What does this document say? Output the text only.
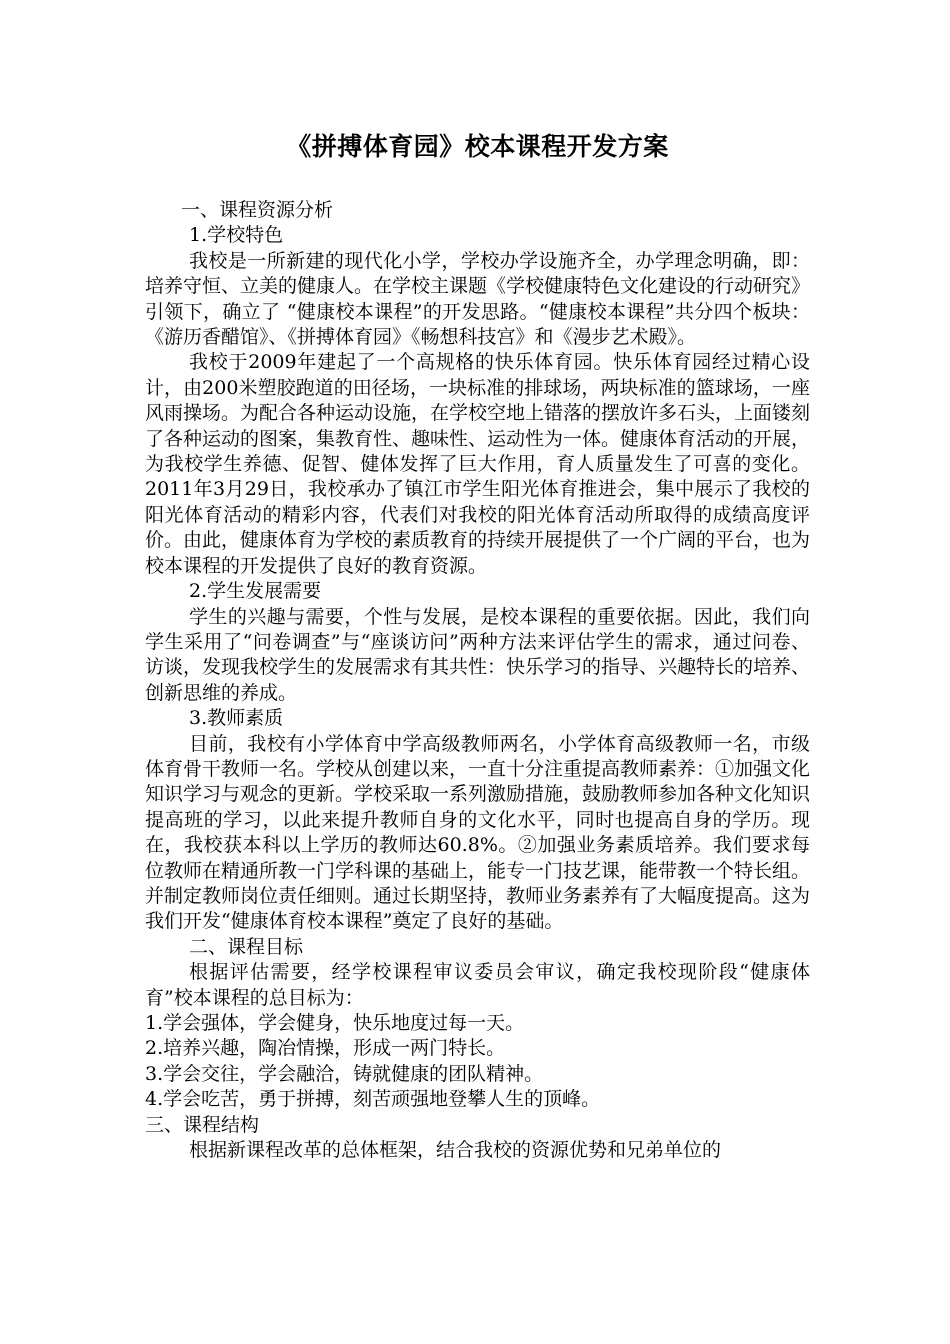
《拼搏体育园》校本课程开发方案

一、课程资源分析

1.学校特色

我校是一所新建的现代化小学，学校办学设施齐全，办学理念明确，即：培养守恒、立美的健康人。在学校主课题《学校健康特色文化建设的行动研究》引领下，确立了 “健康校本课程”的开发思路。“健康校本课程”共分四个板块：《游历香醋馆》、《拼搏体育园》《畅想科技宫》和《漫步艺术殿》。

我校于2009年建起了一个高规格的快乐体育园。快乐体育园经过精心设计，由200米塑胶跑道的田径场，一块标准的排球场，两块标准的篮球场，一座风雨操场。为配合各种运动设施，在学校空地上错落的摆放许多石头，上面镂刻了各种运动的图案，集教育性、趣味性、运动性为一体。健康体育活动的开展，为我校学生养德、促智、健体发挥了巨大作用，育人质量发生了可喜的变化。2011年3月29日，我校承办了镇江市学生阳光体育推进会，集中展示了我校的阳光体育活动的精彩内容，代表们对我校的阳光体育活动所取得的成绩高度评价。由此，健康体育为学校的素质教育的持续开展提供了一个广阔的平台，也为校本课程的开发提供了良好的教育资源。

2.学生发展需要

学生的兴趣与需要，个性与发展，是校本课程的重要依据。因此，我们向学生采用了“问卷调查”与“座谈访问”两种方法来评估学生的需求，通过问卷、访谈，发现我校学生的发展需求有其共性：快乐学习的指导、兴趣特长的培养、创新思维的养成。

3.教师素质

目前，我校有小学体育中学高级教师两名，小学体育高级教师一名，市级体育骨干教师一名。学校从创建以来，一直十分注重提高教师素养：①加强文化知识学习与观念的更新。学校采取一系列激励措施，鼓励教师参加各种文化知识提高班的学习，以此来提升教师自身的文化水平，同时也提高自身的学历。现在，我校获本科以上学历的教师达60.8%。②加强业务素质培养。我们要求每位教师在精通所教一门学科课的基础上，能专一门技艺课，能带教一个特长组。并制定教师岗位责任细则。通过长期坚持，教师业务素养有了大幅度提高。这为我们开发“健康体育校本课程”奠定了良好的基础。

二、课程目标

根据评估需要，经学校课程审议委员会审议，确定我校现阶段“健康体育”校本课程的总目标为：

1.学会强体，学会健身，快乐地度过每一天。

2.培养兴趣，陶冶情操，形成一两门特长。

3.学会交往，学会融洽，铸就健康的团队精神。

4.学会吃苦，勇于拼搏，刻苦顽强地登攀人生的顶峰。

三、课程结构

根据新课程改革的总体框架，结合我校的资源优势和兄弟单位的
